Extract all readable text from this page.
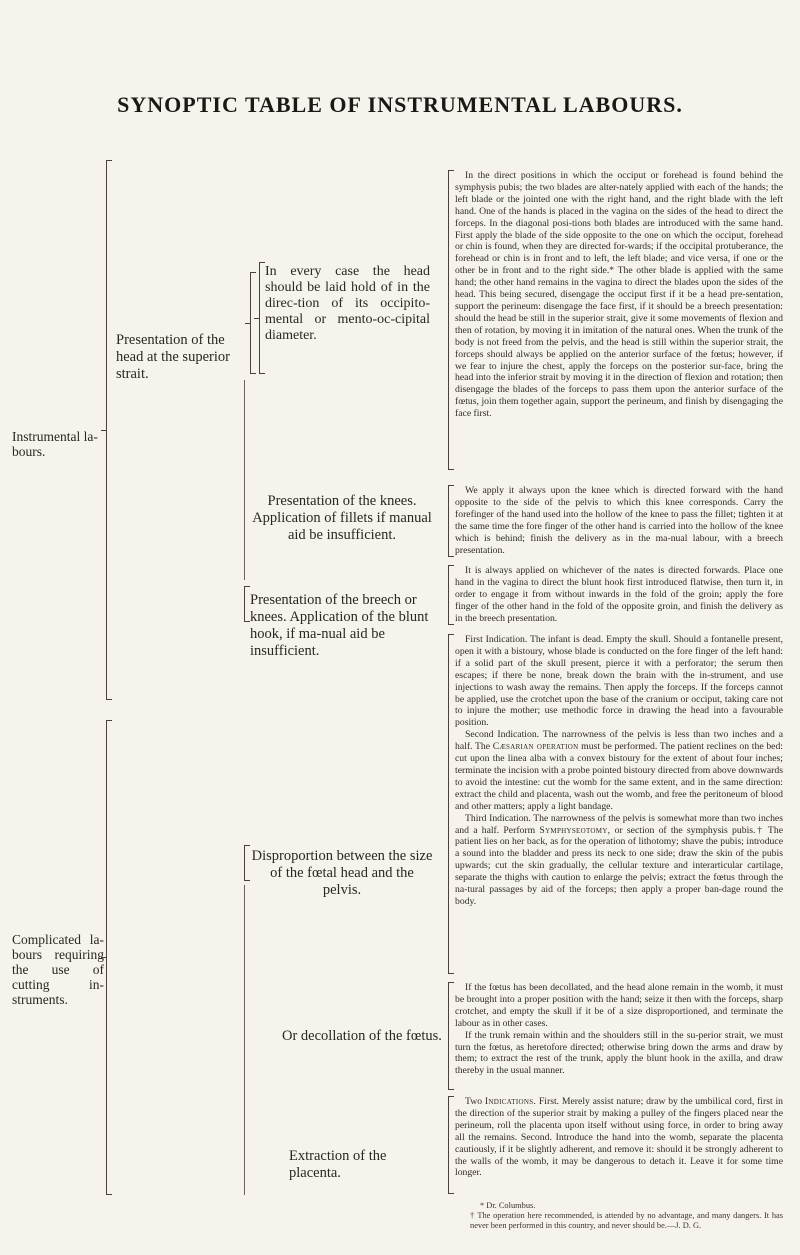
SYNOPTIC TABLE OF INSTRUMENTAL LABOURS.
Instrumental la-bours.
Complicated la-bours requiring the use of cutting in-struments.
Presentation of the head at the superior strait.
Presentation of the knees. Application of fillets if manual aid be insufficient.
Presentation of the breech or knees. Application of the blunt hook, if ma-nual aid be insufficient.
Disproportion between the size of the fœtal head and the pelvis.
Or decollation of the fœtus.
Extraction of the placenta.
In every case the head should be laid hold of in the direc-tion of its occipito-mental or mento-oc-cipital diameter.

In the direct positions in which the occiput or forehead is found behind the symphysis pubis; the two blades are alter-nately applied with each of the hands; the left blade or the jointed one with the right hand, and the right blade with the left hand. One of the hands is placed in the vagina on the sides of the head to direct the forceps. In the diagonal posi-tions both blades are introduced with the same hand. First apply the blade of the side opposite to the one on which the occiput, forehead or chin is found, when they are directed for-wards; if the occipital protuberance, the forehead or chin is in front and to left, the left blade; and vice versa, if one or the other be in front and to the right side.* The other blade is applied with the same hand; the other hand remains in the vagina to direct the blades upon the sides of the head. This being secured, disengage the occiput first if it be a head pre-sentation, support the perineum: disengage the face first, if it should be a breech presentation: should the head be still in the superior strait, give it some movements of flexion and then of rotation, by moving it in imitation of the natural ones. When the trunk of the body is not freed from the pelvis, and the head is still within the superior strait, the forceps should always be applied on the anterior surface of the fœtus; however, if we fear to injure the chest, apply the forceps on the posterior sur-face, bring the head into the inferior strait by moving it in the direction of flexion and rotation; then disengage the blades of the forceps to pass them upon the anterior surface of the fœtus, join them together again, support the perineum, and finish by disengaging the face first.

We apply it always upon the knee which is directed forward with the hand opposite to the side of the pelvis to which this knee corresponds. Carry the forefinger of the hand used into the hollow of the knee to pass the fillet; tighten it at the same time the fore finger of the other hand is carried into the hollow of the knee which is behind; finish the delivery as in the ma-nual labour, with a breech presentation.

It is always applied on whichever of the nates is directed forwards. Place one hand in the vagina to direct the blunt hook first introduced flatwise, then turn it, in order to engage it from without inwards in the fold of the groin; apply the fore finger of the other hand in the fold of the opposite groin, and finish the delivery as in the breech presentation.

First Indication. The infant is dead. Empty the skull. Should a fontanelle present, open it with a bistoury, whose blade is conducted on the fore finger of the left hand: if a solid part of the skull present, pierce it with a perforator; the serum then escapes; if there be none, break down the brain with the in-strument, and use injections to wash away the remains. Then apply the forceps. If the forceps cannot be applied, use the crotchet upon the base of the cranium or occiput, taking care not to injure the mother; use methodic force in drawing the head into a favourable position.

Second Indication. The narrowness of the pelvis is less than two inches and a half. The Cæsarian operation must be performed. The patient reclines on the bed: cut upon the linea alba with a convex bistoury for the extent of about four inches; terminate the incision with a probe pointed bistoury directed from above downwards to avoid the intestine: cut the womb for the same extent, and in the same direction: extract the child and placenta, wash out the womb, and free the peritoneum of blood and other matters; apply a light bandage.

Third Indication. The narrowness of the pelvis is somewhat more than two inches and a half. Perform Symphyseotomy, or section of the symphysis pubis.† The patient lies on her back, as for the operation of lithotomy; shave the pubis; introduce a sound into the bladder and press its neck to one side; draw the skin of the pubis upwards; cut the skin gradually, the cellular texture and interarticular cartilage, separate the thighs with caution to enlarge the pelvis; extract the fœtus through the na-tural passages by aid of the forceps; then apply a proper ban-dage round the body.

If the fœtus has been decollated, and the head alone remain in the womb, it must be brought into a proper position with the hand; seize it then with the forceps, sharp crotchet, and empty the skull if it be of a size disproportioned, and terminate the labour as in other cases.

If the trunk remain within and the shoulders still in the su-perior strait, we must turn the fœtus, as heretofore directed; otherwise bring down the arms and draw by them; to extract the rest of the trunk, apply the blunt hook in the axilla, and draw thereby in the usual manner.

Two Indications. First. Merely assist nature; draw by the umbilical cord, first in the direction of the superior strait by making a pulley of the fingers placed near the perineum, roll the placenta upon itself without using force, in order to bring away all the remains. Second. Introduce the hand into the womb, separate the placenta cautiously, if it be slightly adherent, and remove it: should it be strongly adherent to the walls of the womb, it may be dangerous to detach it. Leave it for some time longer.

* Dr. Columbus.
† The operation here recommended, is attended by no advantage, and many dangers. It has never been performed in this country, and never should be.—J. D. G.
